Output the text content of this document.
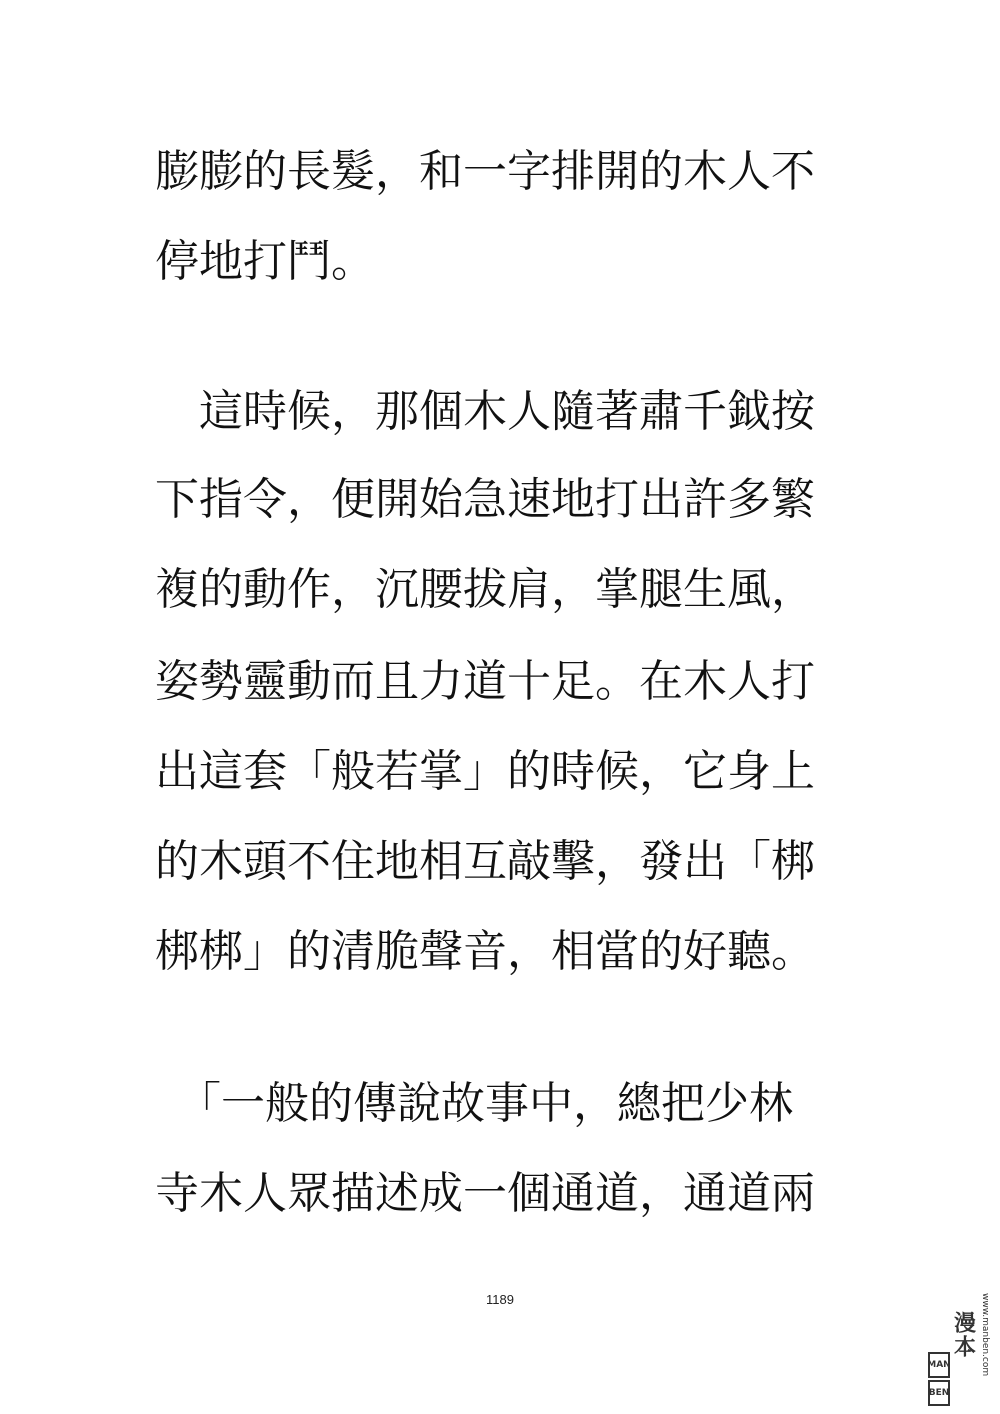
膨膨的長髮，和一字排開的木人不
停地打鬥。
　這時候，那個木人隨著肅千鉞按
下指令，便開始急速地打出許多繁
複的動作，沉腰拔肩，掌腿生風，
姿勢靈動而且力道十足。在木人打
出這套「般若掌」的時候，它身上
的木頭不住地相互敲擊，發出「梆
梆梆」的清脆聲音，相當的好聽。
　「一般的傳說故事中，總把少林
寺木人眾描述成一個通道，通道兩
1189
MAN
BEN
漫本 www.manben.com
